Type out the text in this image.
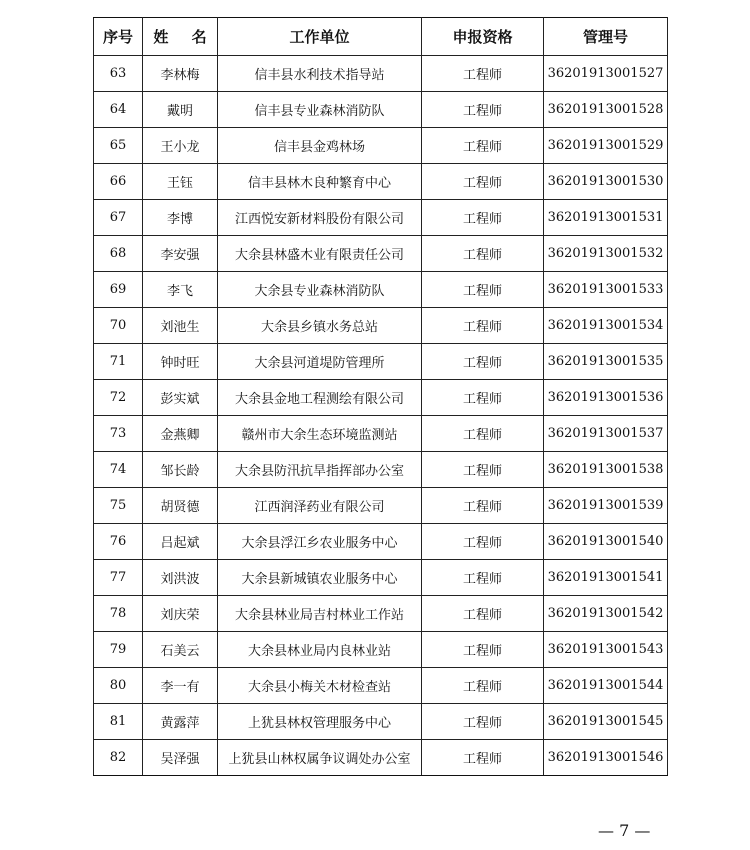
序号	姓 名	工作单位	申报资格	管理号
63	李林梅	信丰县水利技术指导站	工程师	36201913001527
64	戴明	信丰县专业森林消防队	工程师	36201913001528
65	王小龙	信丰县金鸡林场	工程师	36201913001529
66	王钰	信丰县林木良种繁育中心	工程师	36201913001530
67	李博	江西悦安新材料股份有限公司	工程师	36201913001531
68	李安强	大余县林盛木业有限责任公司	工程师	36201913001532
69	李飞	大余县专业森林消防队	工程师	36201913001533
70	刘池生	大余县乡镇水务总站	工程师	36201913001534
71	钟时旺	大余县河道堤防管理所	工程师	36201913001535
72	彭实斌	大余县金地工程测绘有限公司	工程师	36201913001536
73	金燕卿	赣州市大余生态环境监测站	工程师	36201913001537
74	邹长龄	大余县防汛抗旱指挥部办公室	工程师	36201913001538
75	胡贤德	江西润泽药业有限公司	工程师	36201913001539
76	吕起斌	大余县浮江乡农业服务中心	工程师	36201913001540
77	刘洪波	大余县新城镇农业服务中心	工程师	36201913001541
78	刘庆荣	大余县林业局吉村林业工作站	工程师	36201913001542
79	石美云	大余县林业局内良林业站	工程师	36201913001543
80	李一有	大余县小梅关木材检查站	工程师	36201913001544
81	黄露萍	上犹县林权管理服务中心	工程师	36201913001545
82	吴泽强	上犹县山林权属争议调处办公室	工程师	36201913001546
— 7 —
